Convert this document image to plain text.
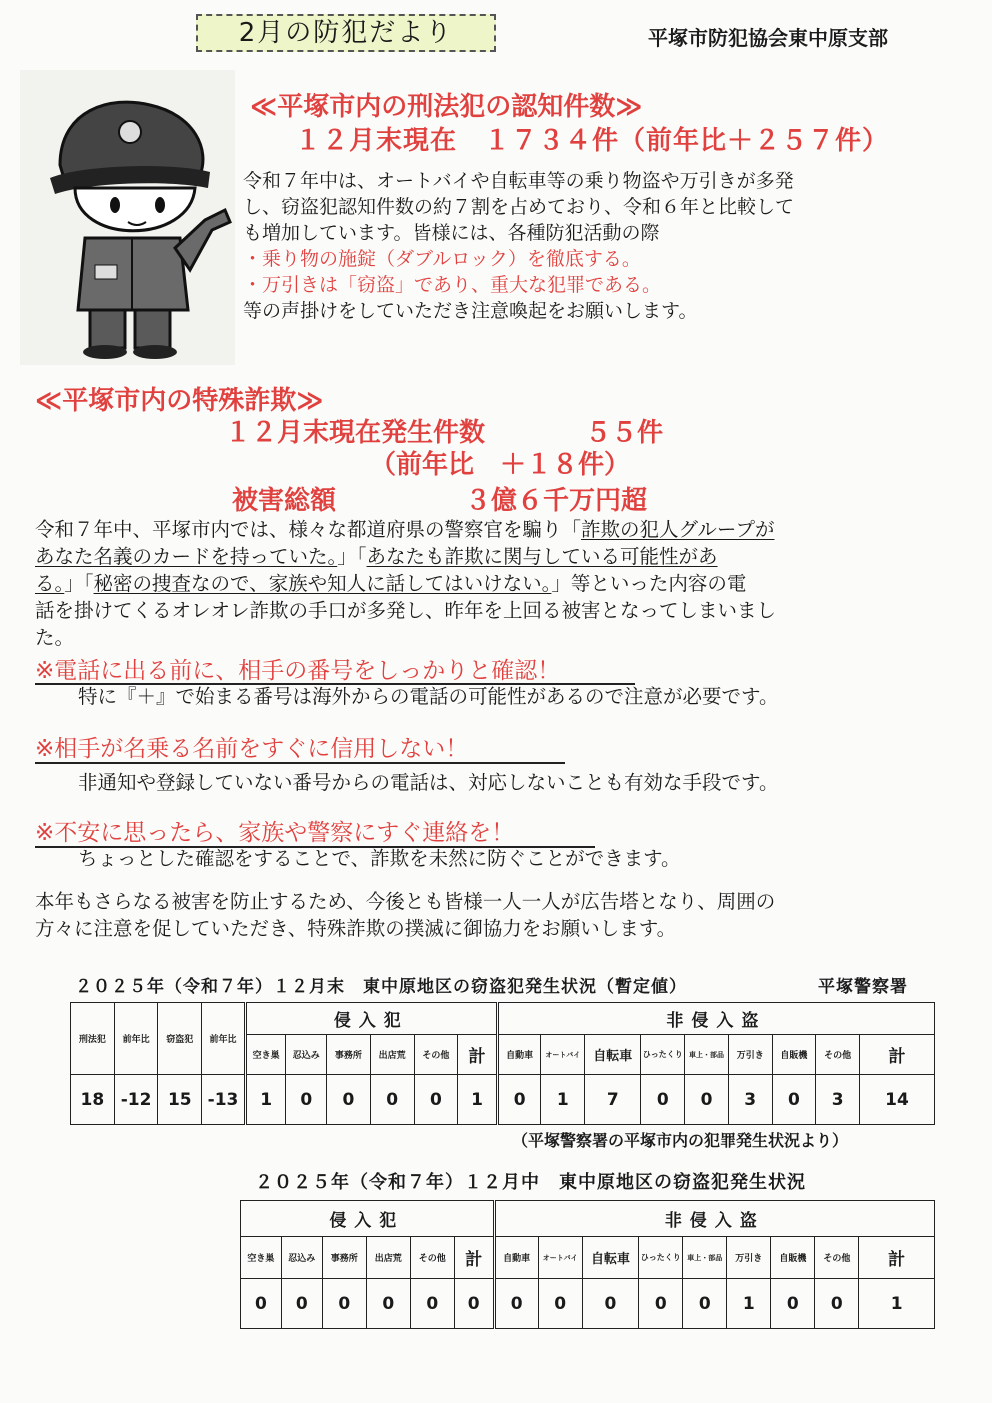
2月の防犯だより	平塚市防犯協会東中原支部
≪平塚市内の刑法犯の認知件数≫
１２月末現在　１７３４件（前年比＋２５７件）
令和７年中は、オートバイや自転車等の乗り物盗や万引きが多発
し、窃盗犯認知件数の約７割を占めており、令和６年と比較して
も増加しています。皆様には、各種防犯活動の際
・乗り物の施錠（ダブルロック）を徹底する。
・万引きは「窃盗」であり、重大な犯罪である。
等の声掛けをしていただき注意喚起をお願いします。
≪平塚市内の特殊詐欺≫
１２月末現在発生件数	５５件
（前年比　＋１８件）
被害総額	３億６千万円超
令和７年中、平塚市内では、様々な都道府県の警察官を騙り「詐欺の犯人グループが
あなた名義のカードを持っていた。」「あなたも詐欺に関与している可能性があ
る。」「秘密の捜査なので、家族や知人に話してはいけない。」等といった内容の電
話を掛けてくるオレオレ詐欺の手口が多発し、昨年を上回る被害となってしまいまし
た。
※電話に出る前に、相手の番号をしっかりと確認！
特に『＋』で始まる番号は海外からの電話の可能性があるので注意が必要です。
※相手が名乗る名前をすぐに信用しない！
非通知や登録していない番号からの電話は、対応しないことも有効な手段です。
※不安に思ったら、家族や警察にすぐ連絡を！
ちょっとした確認をすることで、詐欺を未然に防ぐことができます。
本年もさらなる被害を防止するため、今後とも皆様一人一人が広告塔となり、周囲の
方々に注意を促していただき、特殊詐欺の撲滅に御協力をお願いします。
２０２５年（令和７年）１２月末　東中原地区の窃盗犯発生状況（暫定値）	平塚警察署
刑法犯	前年比	窃盗犯	前年比	侵入犯						非侵入盗								
				空き巣	忍込み	事務所	出店荒	その他	計	自動車	オートバイ	自転車	ひったくり	車上・部品	万引き	自販機	その他	計
18	-12	15	-13	1	0	0	0	0	1	0	1	7	0	0	3	0	3	14
（平塚警察署の平塚市内の犯罪発生状況より）
２０２５年（令和７年）１２月中　東中原地区の窃盗犯発生状況
侵入犯						非侵入盗								
空き巣	忍込み	事務所	出店荒	その他	計	自動車	オートバイ	自転車	ひったくり	車上・部品	万引き	自販機	その他	計
0	0	0	0	0	0	0	0	0	0	0	1	0	0	1
